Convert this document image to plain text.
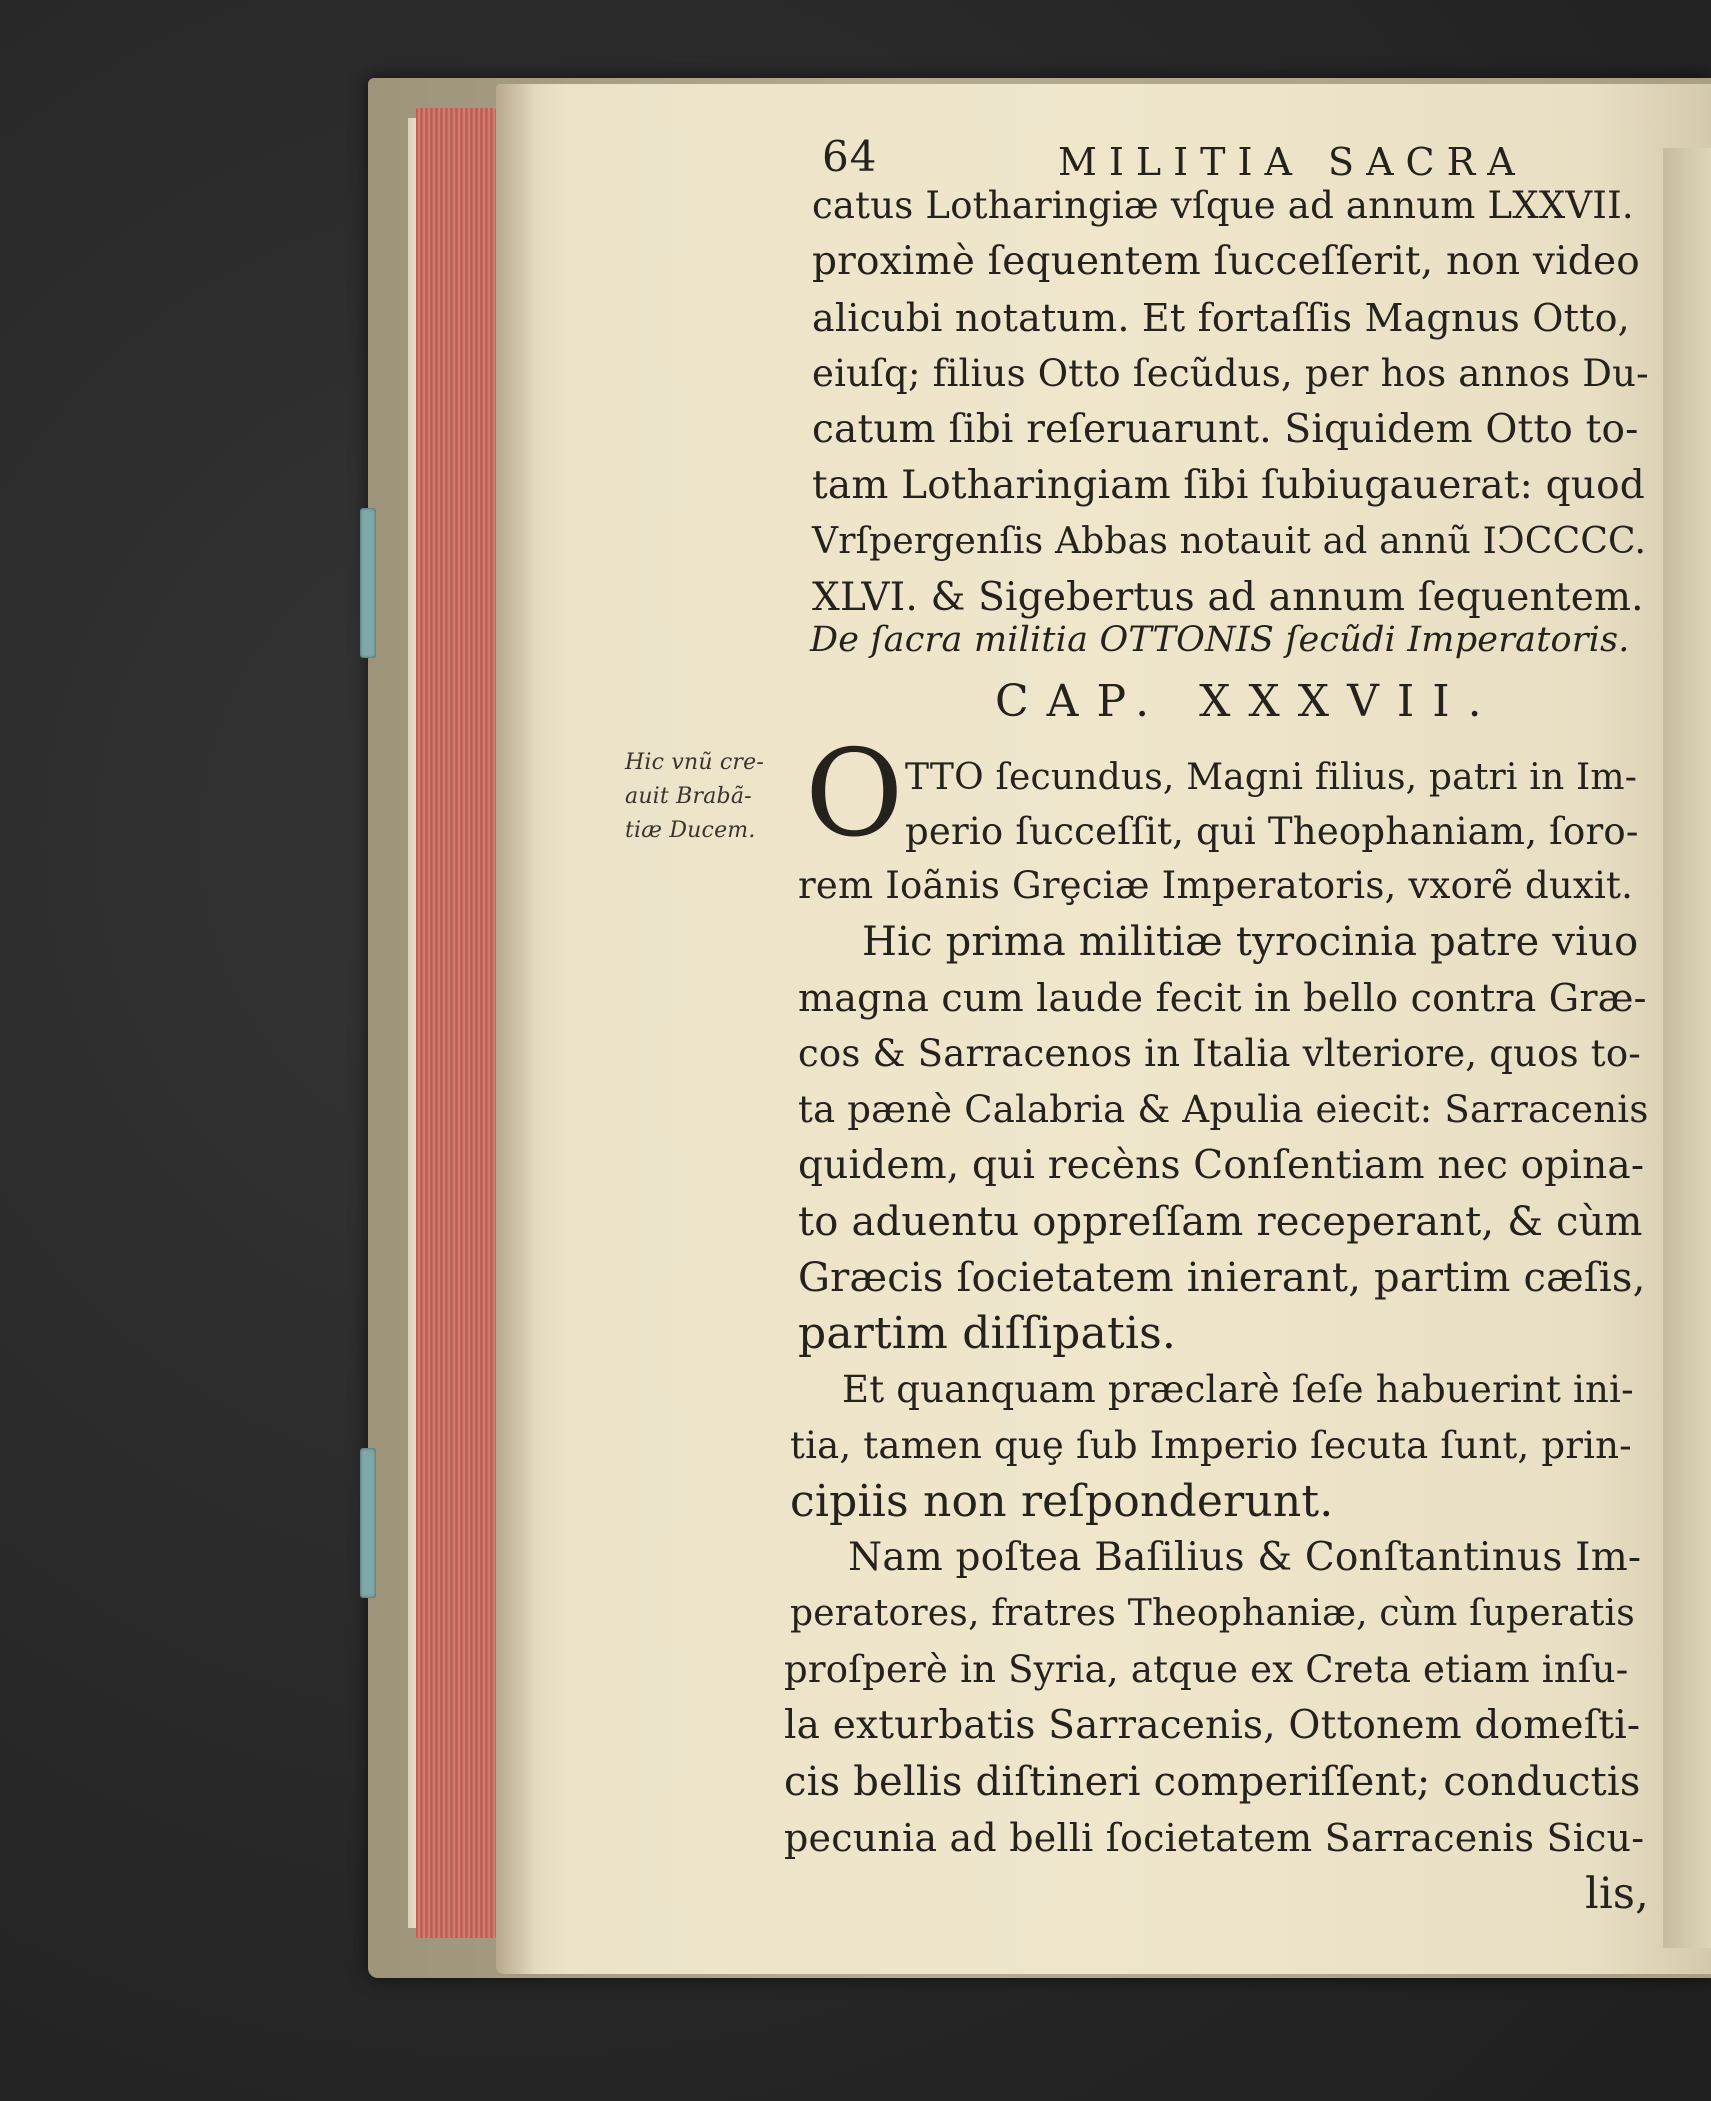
64	MILITIA SACRA
catus Lotharingiæ vſque ad annum LXXVII.
proximè ſequentem ſucceſſerit, non video
alicubi notatum. Et fortaſſis Magnus Otto,
eiuſq; filius Otto ſecũdus, per hos annos Du-
catum ſibi reſeruarunt. Siquidem Otto to-
tam Lotharingiam ſibi ſubiugauerat: quod
Vrſpergenſis Abbas notauit ad annũ IↃCCCC.
XLVI. & Sigebertus ad annum ſequentem.
De ſacra militia OTTONIS ſecũdi Imperatoris.
CAP. XXXVII.
Hic vnũ cre-
auit Brabã-
tiæ Ducem. O TTO ſecundus, Magni filius, patri in Im-
perio ſucceſſit, qui Theophaniam, ſoro-
rem Ioãnis Grȩciæ Imperatoris, vxorẽ duxit.
Hic prima militiæ tyrocinia patre viuo
magna cum laude fecit in bello contra Græ-
cos & Sarracenos in Italia vlteriore, quos to-
ta pænè Calabria & Apulia eiecit: Sarracenis
quidem, qui recèns Conſentiam nec opina-
to aduentu oppreſſam receperant, & cùm
Græcis ſocietatem inierant, partim cæſis,
partim diſſipatis.
Et quanquam præclarè ſeſe habuerint ini-
tia, tamen quȩ ſub Imperio ſecuta ſunt, prin-
cipiis non reſponderunt.
Nam poſtea Baſilius & Conſtantinus Im-
peratores, fratres Theophaniæ, cùm ſuperatis
proſperè in Syria, atque ex Creta etiam inſu-
la exturbatis Sarracenis, Ottonem domeſti-
cis bellis diſtineri comperiſſent; conductis
pecunia ad belli ſocietatem Sarracenis Sicu-
lis,
